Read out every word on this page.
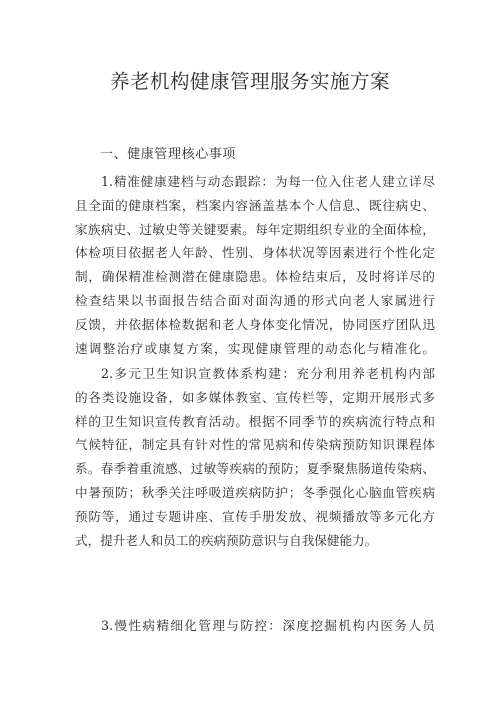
养老机构健康管理服务实施方案
一、健康管理核心事项
1.精准健康建档与动态跟踪：为每一位入住老人建立详尽
且全面的健康档案，档案内容涵盖基本个人信息、既往病史、
家族病史、过敏史等关键要素。每年定期组织专业的全面体检，
体检项目依据老人年龄、性别、身体状况等因素进行个性化定
制，确保精准检测潜在健康隐患。体检结束后，及时将详尽的
检查结果以书面报告结合面对面沟通的形式向老人家属进行
反馈，并依据体检数据和老人身体变化情况，协同医疗团队迅
速调整治疗或康复方案，实现健康管理的动态化与精准化。
2.多元卫生知识宣教体系构建：充分利用养老机构内部
的各类设施设备，如多媒体教室、宣传栏等，定期开展形式多
样的卫生知识宣传教育活动。根据不同季节的疾病流行特点和
气候特征，制定具有针对性的常见病和传染病预防知识课程体
系。春季着重流感、过敏等疾病的预防；夏季聚焦肠道传染病、
中暑预防；秋季关注呼吸道疾病防护；冬季强化心脑血管疾病
预防等，通过专题讲座、宣传手册发放、视频播放等多元化方
式，提升老人和员工的疾病预防意识与自我保健能力。
3.慢性病精细化管理与防控：深度挖掘机构内医务人员
